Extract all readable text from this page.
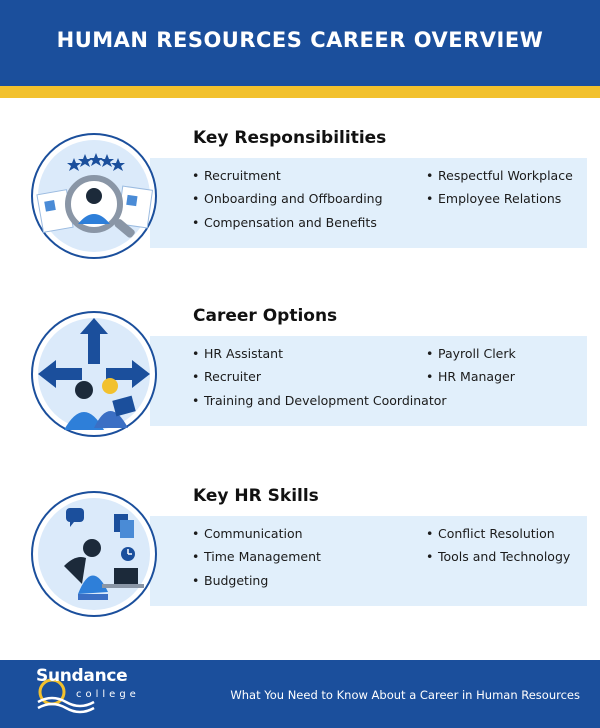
HUMAN RESOURCES CAREER OVERVIEW
Key Responsibilities
• Recruitment
• Onboarding and Offboarding
• Compensation and Benefits
• Respectful Workplace
• Employee Relations
Career Options
• HR Assistant
• Recruiter
• Training and Development Coordinator
• Payroll Clerk
• HR Manager
Key HR Skills
• Communication
• Time Management
• Budgeting
• Conflict Resolution
• Tools and Technology
Sundance
college	What You Need to Know About a Career in Human Resources
